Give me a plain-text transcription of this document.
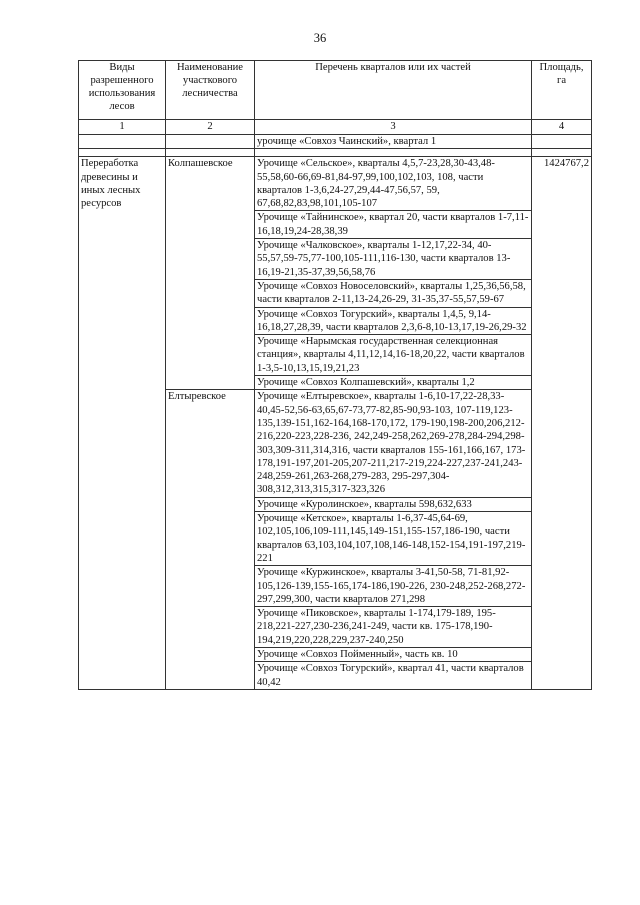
36
Виды разрешенного использования лесов	Наименование участкового лесничества	Перечень кварталов или их частей	Площадь, га
1	2	3	4
		урочище «Совхоз Чаинский», квартал 1	

Переработка древесины и иных лесных ресурсов	Колпашевское	Урочище «Сельское», кварталы 4,5,7-23,28,30-43,48-55,58,60-66,69-81,84-97,99,100,102,103, 108, части кварталов 1-3,6,24-27,29,44-47,56,57, 59, 67,68,82,83,98,101,105-107	1424767,2
		Урочище «Тайнинское», квартал 20, части кварталов 1-7,11-16,18,19,24-28,38,39	
		Урочище «Чалковское», кварталы 1-12,17,22-34, 40-55,57,59-75,77-100,105-111,116-130, части кварталов 13-16,19-21,35-37,39,56,58,76	
		Урочище «Совхоз Новоселовский», кварталы 1,25,36,56,58, части кварталов 2-11,13-24,26-29, 31-35,37-55,57,59-67	
		Урочище «Совхоз Тогурский», кварталы 1,4,5, 9,14-16,18,27,28,39, части кварталов 2,3,6-8,10-13,17,19-26,29-32	
		Урочище «Нарымская государственная селекционная станция», кварталы 4,11,12,14,16-18,20,22, части кварталов 1-3,5-10,13,15,19,21,23	
		Урочище «Совхоз Колпашевский», кварталы 1,2	
	Елтыревское	Урочище «Елтыревское», кварталы 1-6,10-17,22-28,33-40,45-52,56-63,65,67-73,77-82,85-90,93-103, 107-119,123-135,139-151,162-164,168-170,172, 179-190,198-200,206,212-216,220-223,228-236, 242,249-258,262,269-278,284-294,298-303,309-311,314,316, части кварталов 155-161,166,167, 173-178,191-197,201-205,207-211,217-219,224-227,237-241,243-248,259-261,263-268,279-283, 295-297,304-308,312,313,315,317-323,326	
		Урочище «Куролинское», кварталы 598,632,633	
		Урочище «Кетское», кварталы 1-6,37-45,64-69, 102,105,106,109-111,145,149-151,155-157,186-190, части кварталов 63,103,104,107,108,146-148,152-154,191-197,219-221	
		Урочище «Куржинское», кварталы 3-41,50-58, 71-81,92-105,126-139,155-165,174-186,190-226, 230-248,252-268,272-297,299,300, части кварталов 271,298	
		Урочище «Пиковское», кварталы 1-174,179-189, 195-218,221-227,230-236,241-249, части кв. 175-178,190-194,219,220,228,229,237-240,250	
		Урочище «Совхоз Пойменный», часть кв. 10	
		Урочище «Совхоз Тогурский», квартал 41, части кварталов 40,42	
